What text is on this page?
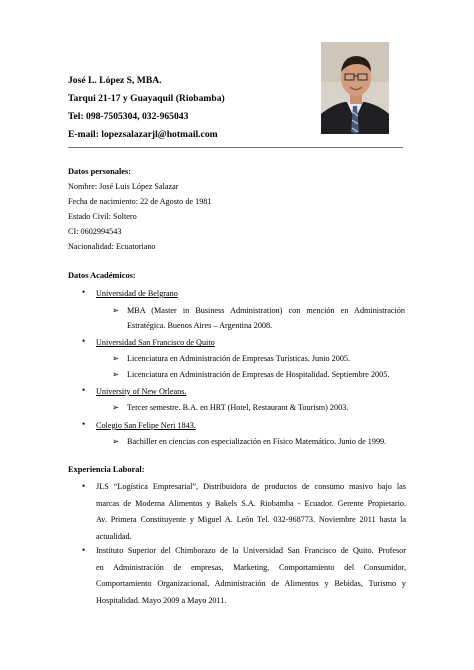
José L. López S, MBA.
Tarqui 21-17 y Guayaquil (Riobamba)
Tel: 098-7505304, 032-965043
E-mail: lopezsalazarjl@hotmail.com
Datos personales:
Nombre: José Luis López Salazar
Fecha de nacimiento: 22 de Agosto de 1981
Estado Civil: Soltero
CI: 0602994543
Nacionalidad: Ecuatoriano
Datos Académicos:
• Universidad de Belgrano
➢ MBA (Master in Business Administration) con mención en Administración
Estratégica. Buenos Aires – Argentina 2008.
• Universidad San Francisco de Quito
➢ Licenciatura en Administración de Empresas Turísticas. Junio 2005.
➢ Licenciatura en Administración de Empresas de Hospitalidad. Septiembre 2005.
• University of New Orleans.
➢ Tercer semestre. B.A. en HRT (Hotel, Restaurant & Tourism) 2003.
• Colegio San Felipe Neri 1843.
➢ Bachiller en ciencias con especialización en Físico Matemático. Junio de 1999.
Experiencia Laboral:
• JLS “Logística Empresarial”, Distribuidora de productos de consumo masivo bajo las
marcas de Moderna Alimentos y Bakels S.A. Riobamba - Ecuador. Gerente Propietario.
Av. Primera Constituyente y Miguel A. León Tel. 032-968773. Noviembre 2011 hasta la
actualidad.
• Instituto Superior del Chimborazo de la Universidad San Francisco de Quito. Profesor
en Administración de empresas, Marketing, Comportamiento del Consumidor,
Comportamiento Organizacional, Administración de Alimentos y Bebidas, Turismo y
Hospitalidad. Mayo 2009 a Mayo 2011.
